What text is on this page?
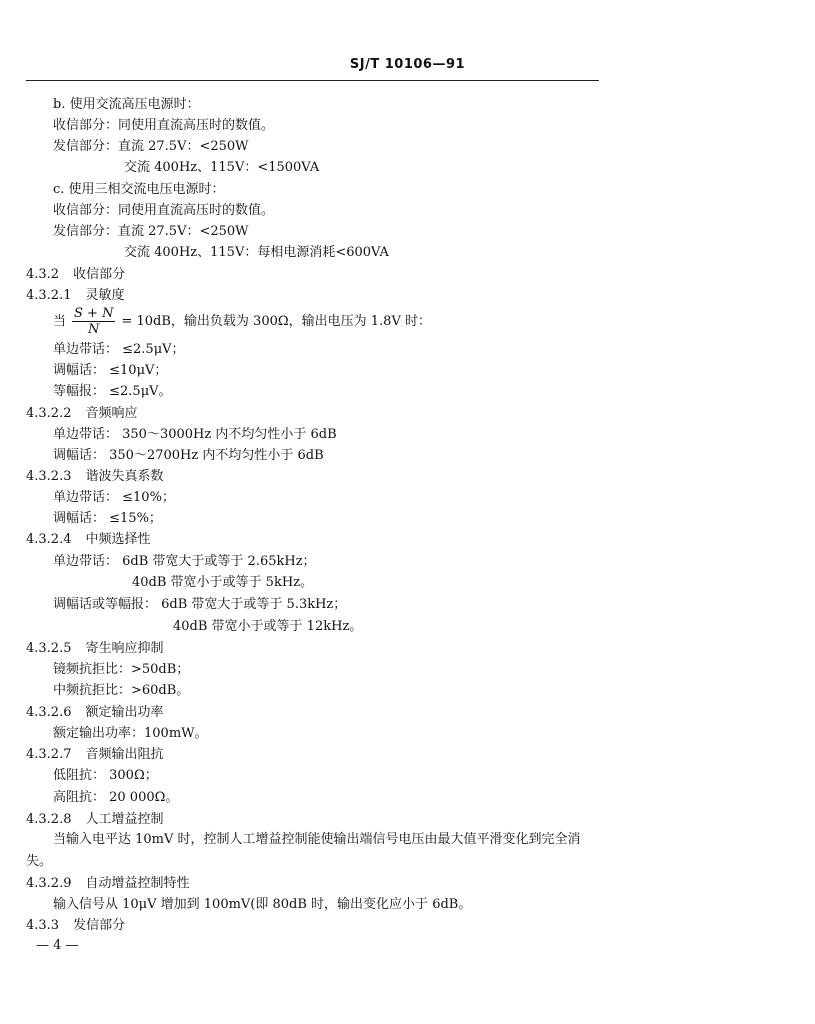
SJ/T 10106—91
b. 使用交流高压电源时：
收信部分：同使用直流高压时的数值。
发信部分：直流 27.5V：<250W
交流 400Hz、115V：<1500VA
c. 使用三相交流电压电源时：
收信部分：同使用直流高压时的数值。
发信部分：直流 27.5V：<250W
交流 400Hz、115V：每相电源消耗<600VA
4.3.2 收信部分
4.3.2.1 灵敏度
当 $\frac{S + N}{N} = 10dB$，输出负载为 300Ω，输出电压为 1.8V 时：
单边带话： ≤2.5μV；
调幅话： ≤10μV；
等幅报： ≤2.5μV。
4.3.2.2 音频响应
单边带话： 350～3000Hz 内不均匀性小于 6dB
调幅话： 350～2700Hz 内不均匀性小于 6dB
4.3.2.3 谐波失真系数
单边带话： ≤10%；
调幅话： ≤15%；
4.3.2.4 中频选择性
单边带话： 6dB 带宽大于或等于 2.65kHz；
40dB 带宽小于或等于 5kHz。
调幅话或等幅报： 6dB 带宽大于或等于 5.3kHz；
40dB 带宽小于或等于 12kHz。
4.3.2.5 寄生响应抑制
镜频抗拒比：>50dB；
中频抗拒比：>60dB。
4.3.2.6 额定输出功率
额定输出功率：100mW。
4.3.2.7 音频输出阻抗
低阻抗： 300Ω；
高阻抗： 20 000Ω。
4.3.2.8 人工增益控制
当输入电平达 10mV 时，控制人工增益控制能使输出端信号电压由最大值平滑变化到完全消失。
4.3.2.9 自动增益控制特性
输入信号从 10μV 增加到 100mV(即 80dB 时，输出变化应小于 6dB。
4.3.3 发信部分
— 4 —
